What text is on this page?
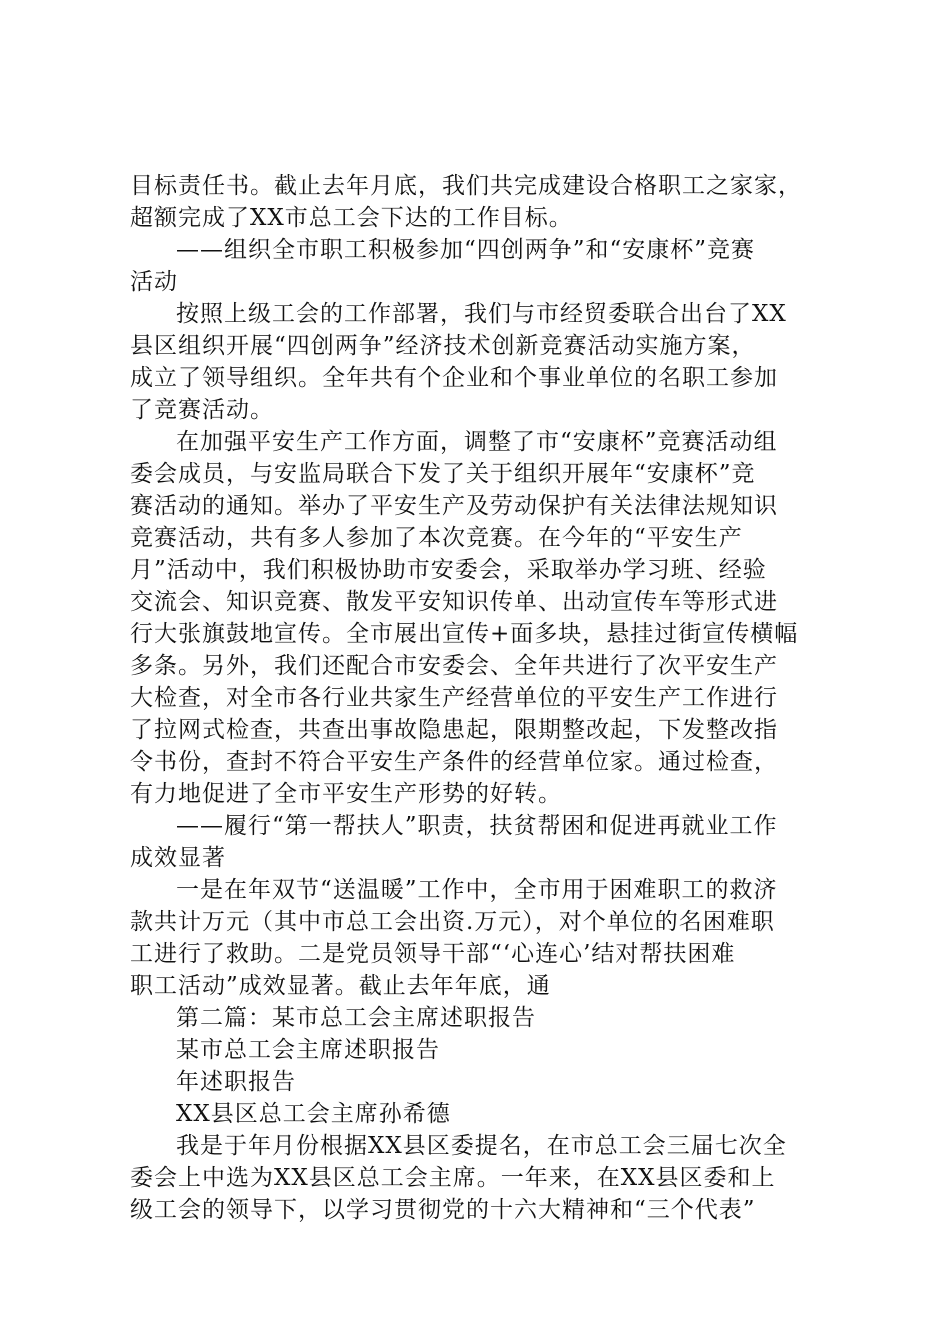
目标责任书。截止去年月底，我们共完成建设合格职工之家家，
超额完成了XX市总工会下达的工作目标。
——组织全市职工积极参加“四创两争”和“安康杯”竞赛
活动
按照上级工会的工作部署，我们与市经贸委联合出台了XX
县区组织开展“四创两争”经济技术创新竞赛活动实施方案，
成立了领导组织。全年共有个企业和个事业单位的名职工参加
了竞赛活动。
在加强平安生产工作方面，调整了市“安康杯”竞赛活动组
委会成员，与安监局联合下发了关于组织开展年“安康杯”竞
赛活动的通知。举办了平安生产及劳动保护有关法律法规知识
竞赛活动，共有多人参加了本次竞赛。在今年的“平安生产
月”活动中，我们积极协助市安委会，采取举办学习班、经验
交流会、知识竞赛、散发平安知识传单、出动宣传车等形式进
行大张旗鼓地宣传。全市展出宣传+面多块，悬挂过街宣传横幅
多条。另外，我们还配合市安委会、全年共进行了次平安生产
大检查，对全市各行业共家生产经营单位的平安生产工作进行
了拉网式检查，共查出事故隐患起，限期整改起，下发整改指
令书份，查封不符合平安生产条件的经营单位家。通过检查，
有力地促进了全市平安生产形势的好转。
——履行“第一帮扶人”职责，扶贫帮困和促进再就业工作
成效显著
一是在年双节“送温暖”工作中，全市用于困难职工的救济
款共计万元（其中市总工会出资.万元），对个单位的名困难职
工进行了救助。二是党员领导干部“‘心连心’结对帮扶困难
职工活动”成效显著。截止去年年底，通
第二篇：某市总工会主席述职报告
某市总工会主席述职报告
年述职报告
XX县区总工会主席孙希德
我是于年月份根据XX县区委提名，在市总工会三届七次全
委会上中选为XX县区总工会主席。一年来，在XX县区委和上
级工会的领导下，以学习贯彻党的十六大精神和“三个代表”
